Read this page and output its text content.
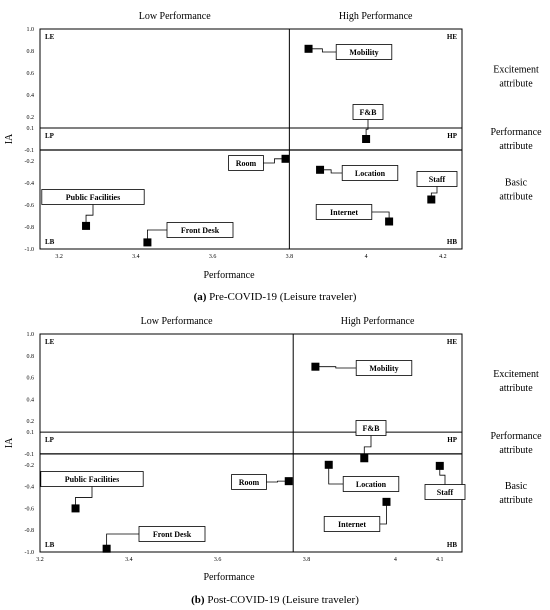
Low Performance	High Performance
1.0
0.8
0.6
0.4
0.2
0.1
-0.1
-0.2
-0.4
-0.6
-0.8
-1.0
3.2	3.4	3.6	3.8	4	4.2
Performance
IA
LE	HE
LP	HP
LB	HB
Excitement
attribute
Performance
attribute
Basic
attribute
Mobility
F&B
Room
Location
Staff
Internet
Public Facilities
Front Desk
(a) Pre-COVID-19 (Leisure traveler)
Low Performance	High Performance
1.0
0.8
0.6
0.4
0.2
0.1
-0.1
-0.2
-0.4
-0.6
-0.8
-1.0
3.2	3.4	3.6	3.8	4	4.1
Performance
IA
LE	HE
LP	HP
LB	HB
Excitement
attribute
Performance
attribute
Basic
attribute
Mobility
F&B
Location
Staff
Room
Internet
Public Facilities
Front Desk
(b) Post-COVID-19 (Leisure traveler)
